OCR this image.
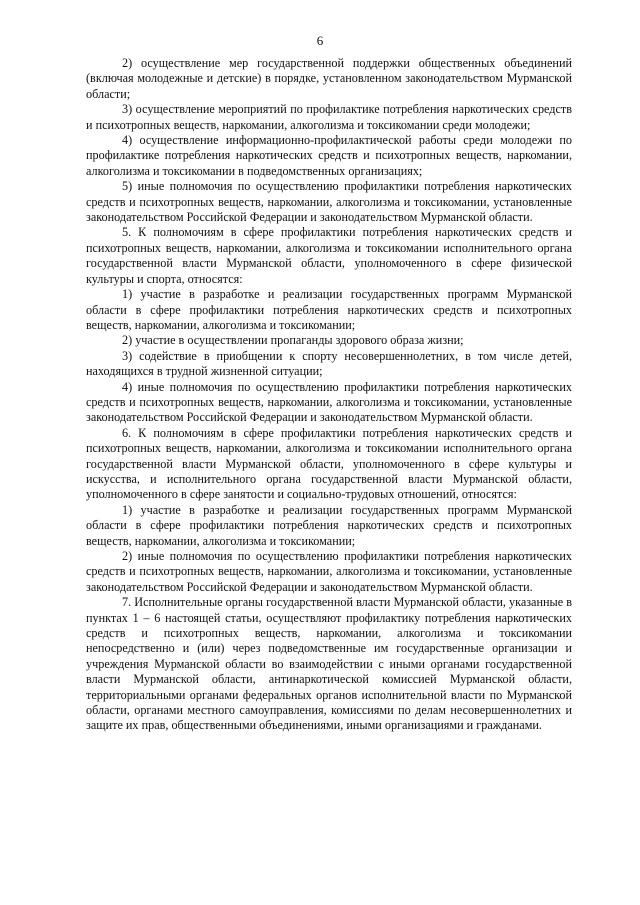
6

2) осуществление мер государственной поддержки общественных объединений (включая молодежные и детские) в порядке, установленном законодательством Мурманской области;

3) осуществление мероприятий по профилактике потребления наркотических средств и психотропных веществ, наркомании, алкоголизма и токсикомании среди молодежи;

4) осуществление информационно-профилактической работы среди молодежи по профилактике потребления наркотических средств и психотропных веществ, наркомании, алкоголизма и токсикомании в подведомственных организациях;

5) иные полномочия по осуществлению профилактики потребления наркотических средств и психотропных веществ, наркомании, алкоголизма и токсикомании, установленные законодательством Российской Федерации и законодательством Мурманской области.

5. К полномочиям в сфере профилактики потребления наркотических средств и психотропных веществ, наркомании, алкоголизма и токсикомании исполнительного органа государственной власти Мурманской области, уполномоченного в сфере физической культуры и спорта, относятся:

1) участие в разработке и реализации государственных программ Мурманской области в сфере профилактики потребления наркотических средств и психотропных веществ, наркомании, алкоголизма и токсикомании;

2) участие в осуществлении пропаганды здорового образа жизни;

3) содействие в приобщении к спорту несовершеннолетних, в том числе детей, находящихся в трудной жизненной ситуации;

4) иные полномочия по осуществлению профилактики потребления наркотических средств и психотропных веществ, наркомании, алкоголизма и токсикомании, установленные законодательством Российской Федерации и законодательством Мурманской области.

6. К полномочиям в сфере профилактики потребления наркотических средств и психотропных веществ, наркомании, алкоголизма и токсикомании исполнительного органа государственной власти Мурманской области, уполномоченного в сфере культуры и искусства, и исполнительного органа государственной власти Мурманской области, уполномоченного в сфере занятости и социально-трудовых отношений, относятся:

1) участие в разработке и реализации государственных программ Мурманской области в сфере профилактики потребления наркотических средств и психотропных веществ, наркомании, алкоголизма и токсикомании;

2) иные полномочия по осуществлению профилактики потребления наркотических средств и психотропных веществ, наркомании, алкоголизма и токсикомании, установленные законодательством Российской Федерации и законодательством Мурманской области.

7. Исполнительные органы государственной власти Мурманской области, указанные в пунктах 1 – 6 настоящей статьи, осуществляют профилактику потребления наркотических средств и психотропных веществ, наркомании, алкоголизма и токсикомании непосредственно и (или) через подведомственные им государственные организации и учреждения Мурманской области во взаимодействии с иными органами государственной власти Мурманской области, антинаркотической комиссией Мурманской области, территориальными органами федеральных органов исполнительной власти по Мурманской области, органами местного самоуправления, комиссиями по делам несовершеннолетних и защите их прав, общественными объединениями, иными организациями и гражданами.
